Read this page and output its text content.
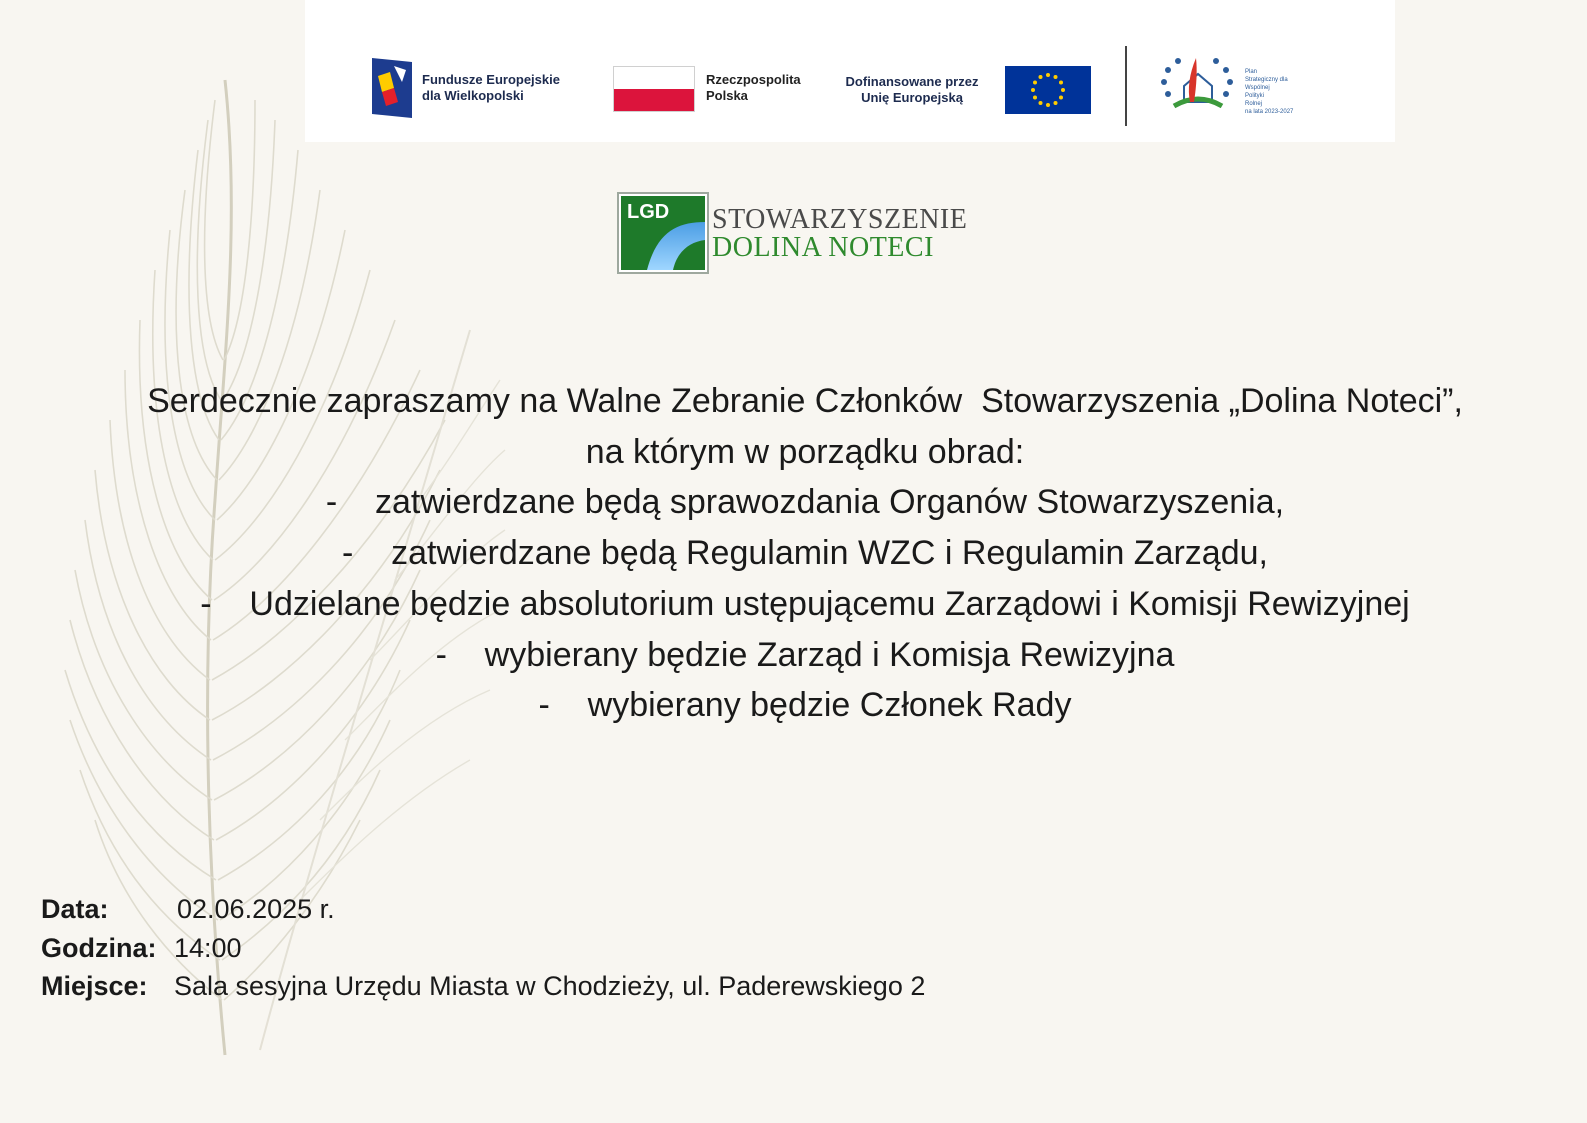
Fundusze Europejskie
dla Wielkopolski
Rzeczpospolita
Polska
Dofinansowane przez
Unię Europejską
Plan
Strategiczny dla
Wspólnej
Polityki
Rolnej
na lata 2023-2027
LGD STOWARZYSZENIE
DOLINA NOTECI
Serdecznie zapraszamy na Walne Zebranie Członków  Stowarzyszenia „Dolina Noteci”,
na którym w porządku obrad:
-    zatwierdzane będą sprawozdania Organów Stowarzyszenia,
-    zatwierdzane będą Regulamin WZC i Regulamin Zarządu,
-    Udzielane będzie absolutorium ustępującemu Zarządowi i Komisji Rewizyjnej
-    wybierany będzie Zarząd i Komisja Rewizyjna
-    wybierany będzie Członek Rady
Data:	02.06.2025 r.
Godzina: 14:00
Miejsce: Sala sesyjna Urzędu Miasta w Chodzieży, ul. Paderewskiego 2
